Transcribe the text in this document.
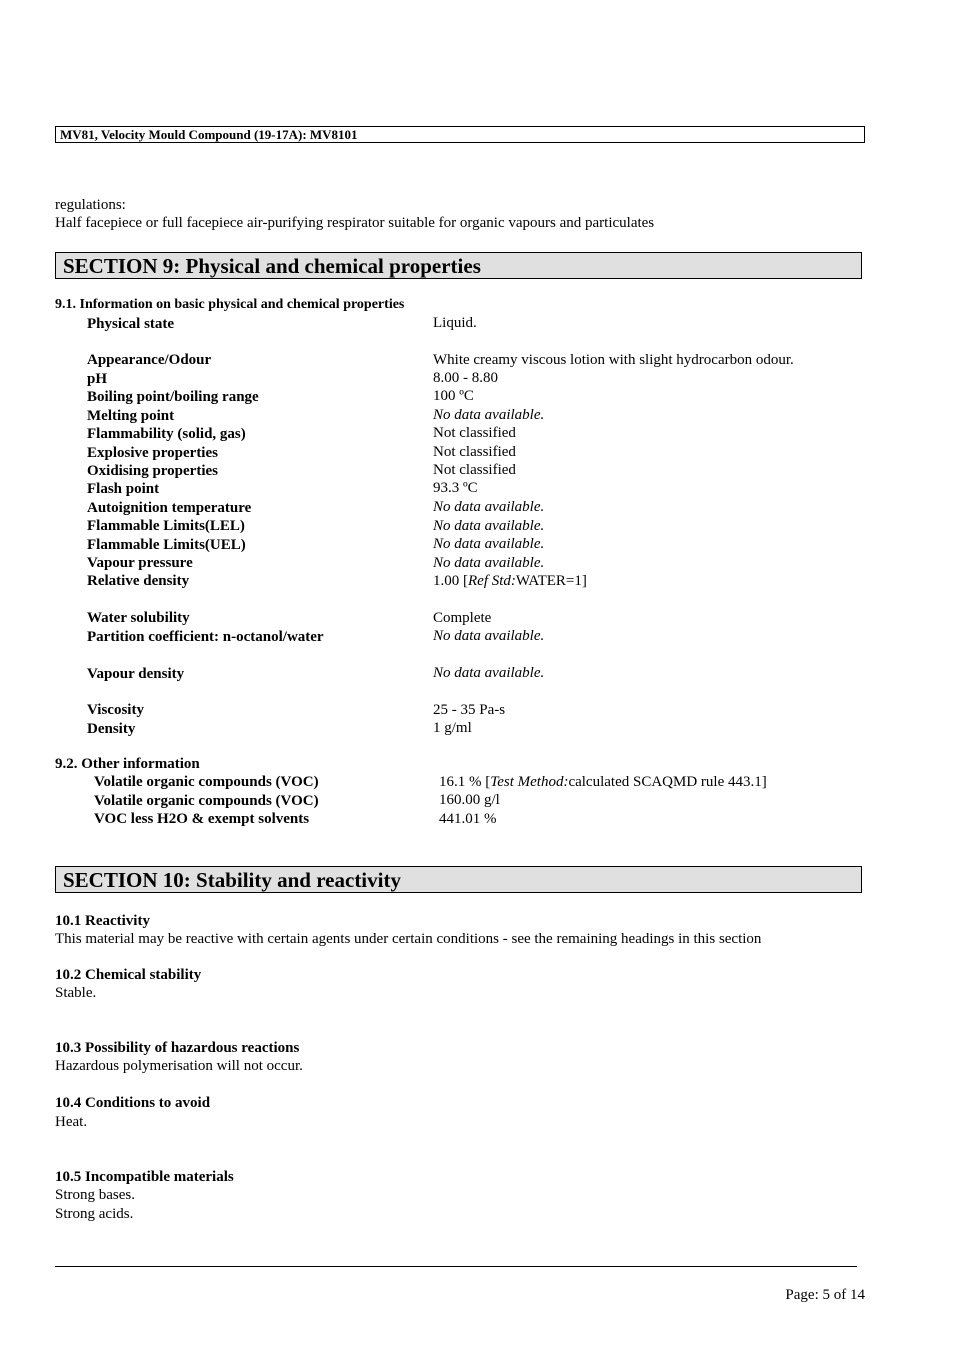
MV81, Velocity Mould Compound (19-17A): MV8101
regulations:
Half facepiece or full facepiece air-purifying respirator suitable for organic vapours and particulates
SECTION 9: Physical and chemical properties
9.1. Information on basic physical and chemical properties
Physical state	Liquid.
Appearance/Odour	White creamy viscous lotion with slight hydrocarbon odour.
pH	8.00 - 8.80
Boiling point/boiling range	100 ºC
Melting point	No data available.
Flammability (solid, gas)	Not classified
Explosive properties	Not classified
Oxidising properties	Not classified
Flash point	93.3 ºC
Autoignition temperature	No data available.
Flammable Limits(LEL)	No data available.
Flammable Limits(UEL)	No data available.
Vapour pressure	No data available.
Relative density	1.00 [Ref Std:WATER=1]
Water solubility	Complete
Partition coefficient: n-octanol/water	No data available.
Vapour density	No data available.
Viscosity	25 - 35 Pa-s
Density	1 g/ml
9.2. Other information
Volatile organic compounds (VOC)	16.1 % [Test Method:calculated SCAQMD rule 443.1]
Volatile organic compounds (VOC)	160.00 g/l
VOC less H2O & exempt solvents	441.01 %
SECTION 10: Stability and reactivity
10.1 Reactivity
This material may be reactive with certain agents under certain conditions - see the remaining headings in this section
10.2 Chemical stability
Stable.
10.3 Possibility of hazardous reactions
Hazardous polymerisation will not occur.
10.4 Conditions to avoid
Heat.
10.5 Incompatible materials
Strong bases.
Strong acids.
Page: 5 of 14
